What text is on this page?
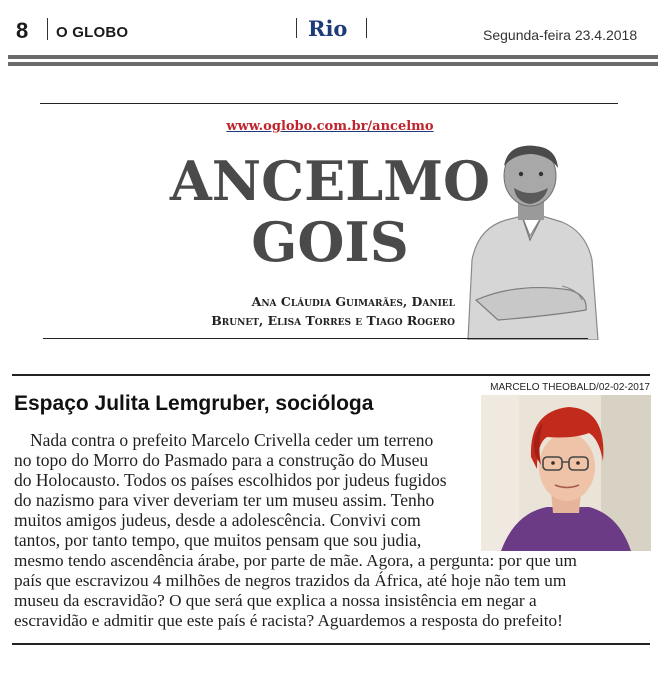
8 O GLOBO	Rio	Segunda-feira 23.4.2018
www.oglobo.com.br/ancelmo
ANCELMO
GOIS
Ana Cláudia Guimarães, Daniel
Brunet, Elisa Torres e Tiago Rogero
MARCELO THEOBALD/02-02-2017
Espaço Julita Lemgruber, socióloga
Nada contra o prefeito Marcelo Crivella ceder um terreno
no topo do Morro do Pasmado para a construção do Museu
do Holocausto. Todos os países escolhidos por judeus fugidos
do nazismo para viver deveriam ter um museu assim. Tenho
muitos amigos judeus, desde a adolescência. Convivi com
tantos, por tanto tempo, que muitos pensam que sou judia,
mesmo tendo ascendência árabe, por parte de mãe. Agora, a pergunta: por que um
país que escravizou 4 milhões de negros trazidos da África, até hoje não tem um
museu da escravidão? O que será que explica a nossa insistência em negar a
escravidão e admitir que este país é racista? Aguardemos a resposta do prefeito!
